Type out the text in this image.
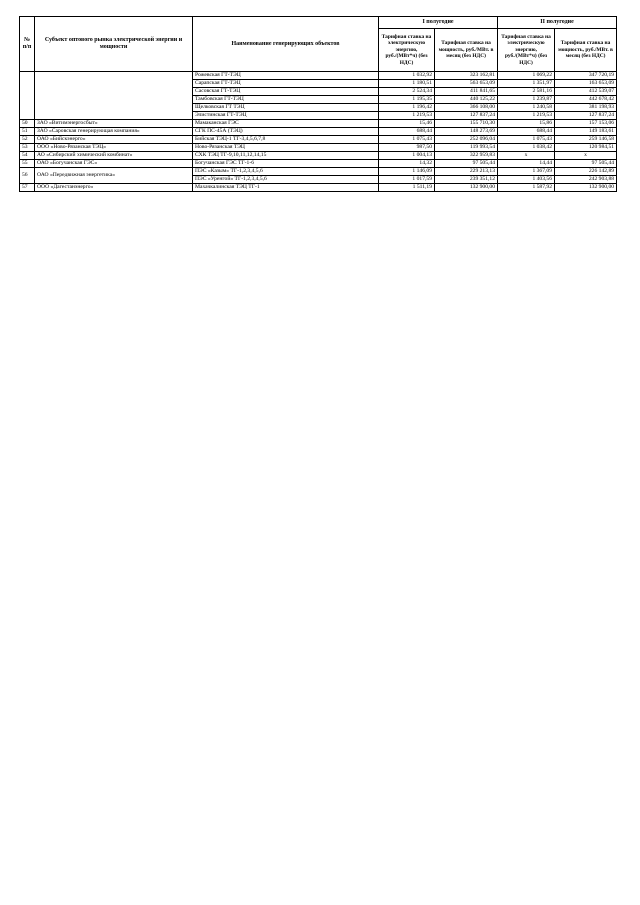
№ п/п	Субъект оптового рынка электрической энергии и мощности	Наименование генерирующих объектов	I полугодие		II полугодие	
			Тарифная ставка на электрическую энергию, руб./(МВт*ч) (без НДС)	Тарифная ставка на мощность, руб./МВт. в месяц (без НДС)	Тарифная ставка на электрическую энергию, руб./(МВт*ч) (без НДС)	Тарифная ставка на мощность, руб./МВт. в месяц (без НДС)
		Рожевская ГТ-ТЭЦ	1 032,92	323 162,81	1 069,22	347 720,19
		Сарапская ГТ-ТЭЦ	1 180,51	563 653,09	1 351,97	163 653,09
		Сасовская ГТ-ТЭЦ	2 524,34	411 841,65	2 581,16	412 539,07
		Тамбовская ГТ-ТЭЦ	1 195,35	440 125,22	1 239,87	442 678,42
		Щелковская ГТ ТЭЦ	1 196,42	366 108,00	1 240,58	381 198,93
		Элистинская ГТ-ТЭЦ	1 219,53	127 837,24	1 219,53	127 837,24
50	ЗАО «Витимэнергосбыт»	Мамаканская ГЭС	15,46	155 710,30	15,86	157 153,06
51	ЗАО «Саровская генерирующая компания»	СГК ПС-45А (ТЭЦ)	688,44	148 273,69	688,44	149 183,61
52	ОАО «Бийскэнерго»	Бийская ТЭЦ-1 ТГ-3,4,5,6,7,8	1 075,43	252 096,04	1 075,43	259 146,58
53	ООО «Ново-Рязанская ТЭЦ»	Ново-Рязанская ТЭЦ	987,50	119 993,54	1 038,42	120 984,51
54	АО «Сибирский химический комбинат»	СХК ТЭЦ ТГ-9,10,11,12,14,15	1 004,13	322 959,83	x	x
55	ОАО «Богучанская ГЭС»	Богучанская ГЭС ТГ-1-6	14,32	97 505,44	14,44	97 505,44
56	ОАО «Передвижная энергетика»	ПЭС «Казым» ТГ-1,2,3,4,5,6	1 146,09	229 213,13	1 367,09	226 142,89
		ПЭС «Уренгой» ТГ-1,2,3,4,5,6	1 017,59	239 351,12	1 403,56	242 903,88
57	ООО «Дагестанэнерго»	Махачкалинская ТЭЦ ТГ-1	1 511,19	132 900,00	1 587,92	132 900,00
